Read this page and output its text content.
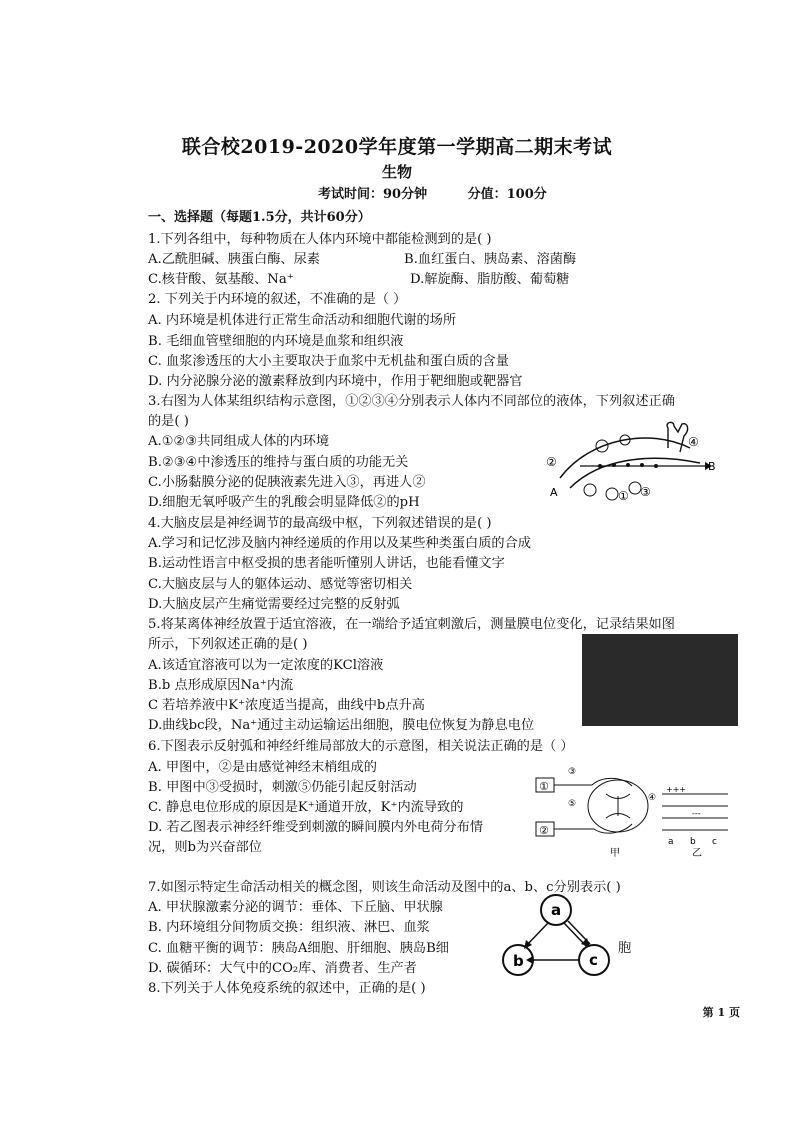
联合校2019-2020学年度第一学期高二期末考试
生物
考试时间：90分钟	分值：100分
一、选择题（每题1.5分，共计60分）
1.下列各组中，每种物质在人体内环境中都能检测到的是( )
A.乙酰胆碱、胰蛋白酶、尿素	B.血红蛋白、胰岛素、溶菌酶
C.核苷酸、氨基酸、Na⁺	D.解旋酶、脂肪酸、葡萄糖
2. 下列关于内环境的叙述，不准确的是（ ）
A. 内环境是机体进行正常生命活动和细胞代谢的场所
B. 毛细血管壁细胞的内环境是血浆和组织液
C. 血浆渗透压的大小主要取决于血浆中无机盐和蛋白质的含量
D. 内分泌腺分泌的激素释放到内环境中，作用于靶细胞或靶器官
3.右图为人体某组织结构示意图，①②③④分别表示人体内不同部位的液体，下列叙述正确
的是( )
A.①②③共同组成人体的内环境
B.②③④中渗透压的维持与蛋白质的功能无关
C.小肠黏膜分泌的促胰液素先进入③，再进人②
D.细胞无氧呼吸产生的乳酸会明显降低②的pH
4.大脑皮层是神经调节的最高级中枢，下列叙述错误的是( )
A.学习和记忆涉及脑内神经递质的作用以及某些种类蛋白质的合成
B.运动性语言中枢受损的患者能听懂别人讲话，也能看懂文字
C.大脑皮层与人的躯体运动、感觉等密切相关
D.大脑皮层产生痛觉需要经过完整的反射弧
5.将某离体神经放置于适宜溶液，在一端给予适宜刺激后，测量膜电位变化，记录结果如图
所示，下列叙述正确的是( )
A.该适宜溶液可以为一定浓度的KCl溶液
B.b 点形成原因Na⁺内流
C 若培养液中K⁺浓度适当提高，曲线中b点升高
D.曲线bc段，Na⁺通过主动运输运出细胞，膜电位恢复为静息电位
6.下图表示反射弧和神经纤维局部放大的示意图，相关说法正确的是（ ）
A. 甲图中，②是由感觉神经末梢组成的
B. 甲图中③受损时，刺激⑤仍能引起反射活动
C. 静息电位形成的原因是K⁺通道开放，K⁺内流导致的
D. 若乙图表示神经纤维受到刺激的瞬间膜内外电荷分布情
况，则b为兴奋部位
7.如图示特定生命活动相关的概念图，则该生命活动及图中的a、b、c分别表示( )
A. 甲状腺激素分泌的调节：垂体、下丘脑、甲状腺
B. 内环境组分间物质交换：组织液、淋巴、血浆
C. 血糖平衡的调节：胰岛A细胞、肝细胞、胰岛B细	胞
D. 碳循环：大气中的CO₂库、消费者、生产者
8.下列关于人体免疫系统的叙述中，正确的是( )
②
④
B
A	① ③
①
②
③
④
⑤
+++
---
甲	乙
a b c
a
b	c
第 1 页
